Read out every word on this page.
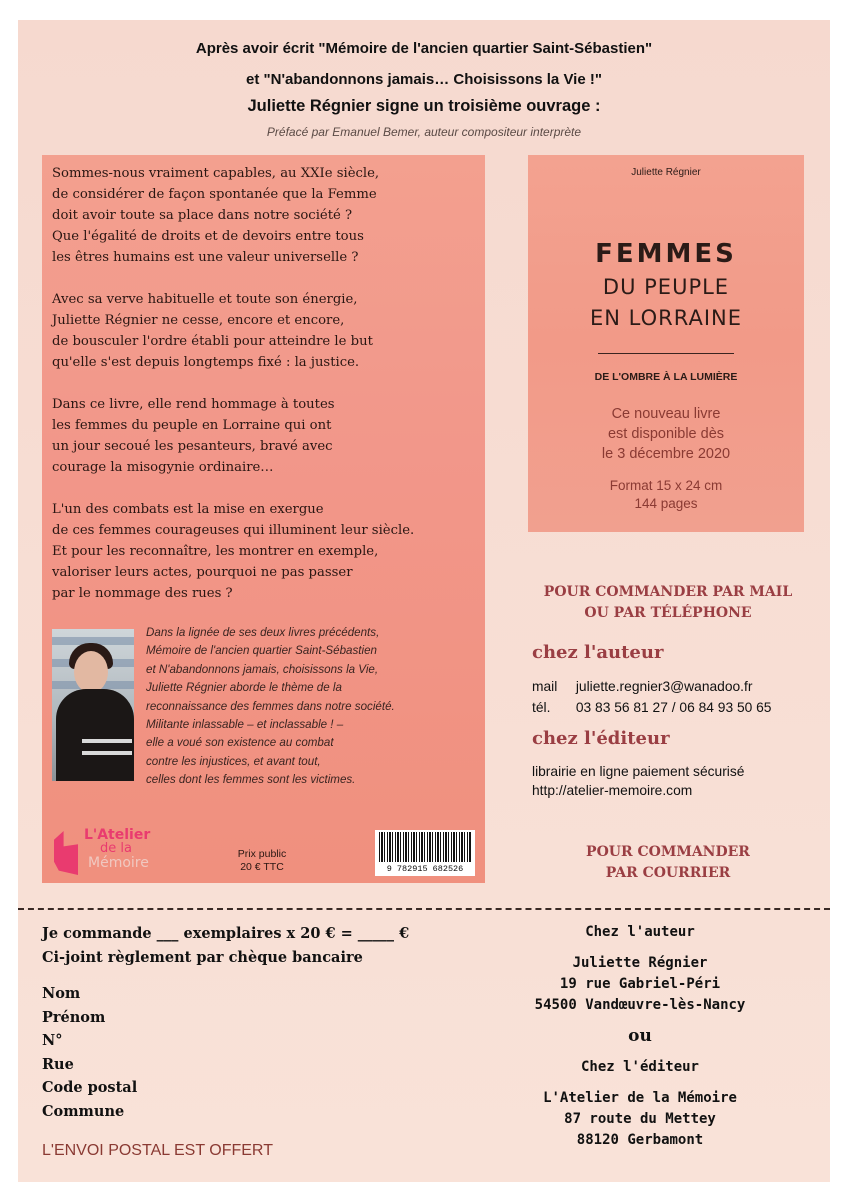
Après avoir écrit "Mémoire de l'ancien quartier Saint-Sébastien"
et "N'abandonnons jamais… Choisissons la Vie !"
Juliette Régnier signe un troisième ouvrage :
Préfacé par Emanuel Bemer, auteur compositeur interprète

Sommes-nous vraiment capables, au XXIe siècle,
de considérer de façon spontanée que la Femme
doit avoir toute sa place dans notre société ?
Que l'égalité de droits et de devoirs entre tous
les êtres humains est une valeur universelle ?

Avec sa verve habituelle et toute son énergie,
Juliette Régnier ne cesse, encore et encore,
de bousculer l'ordre établi pour atteindre le but
qu'elle s'est depuis longtemps fixé : la justice.

Dans ce livre, elle rend hommage à toutes
les femmes du peuple en Lorraine qui ont
un jour secoué les pesanteurs, bravé avec
courage la misogynie ordinaire…

L'un des combats est la mise en exergue
de ces femmes courageuses qui illuminent leur siècle.
Et pour les reconnaître, les montrer en exemple,
valoriser leurs actes, pourquoi ne pas passer
par le nommage des rues ?

Dans la lignée de ses deux livres précédents,
Mémoire de l'ancien quartier Saint-Sébastien
et N'abandonnons jamais, choisissons la Vie,
Juliette Régnier aborde le thème de la
reconnaissance des femmes dans notre société.
Militante inlassable – et inclassable ! –
elle a voué son existence au combat
contre les injustices, et avant tout,
celles dont les femmes sont les victimes.
L'Atelier
de la
Mémoire
Prix public
20 € TTC	9 782915 682526
Juliette Régnier
FEMMES
DU PEUPLE
EN LORRAINE
DE L'OMBRE À LA LUMIÈRE
Ce nouveau livre
est disponible dès
le 3 décembre 2020
Format 15 x 24 cm
144 pages
POUR COMMANDER PAR MAIL
OU PAR TÉLÉPHONE
chez l'auteur
mail juliette.regnier3@wanadoo.fr
tél. 03 83 56 81 27 / 06 84 93 50 65
chez l'éditeur
librairie en ligne paiement sécurisé
http://atelier-memoire.com
POUR COMMANDER
PAR COURRIER
Je commande ___ exemplaires x 20 € = _____ €
Ci-joint règlement par chèque bancaire
Nom
Prénom
N°
Rue
Code postal
Commune
L'ENVOI POSTAL EST OFFERT
Chez l'auteur
Juliette Régnier
19 rue Gabriel-Péri
54500 Vandœuvre-lès-Nancy
ou
Chez l'éditeur
L'Atelier de la Mémoire
87 route du Mettey
88120 Gerbamont
